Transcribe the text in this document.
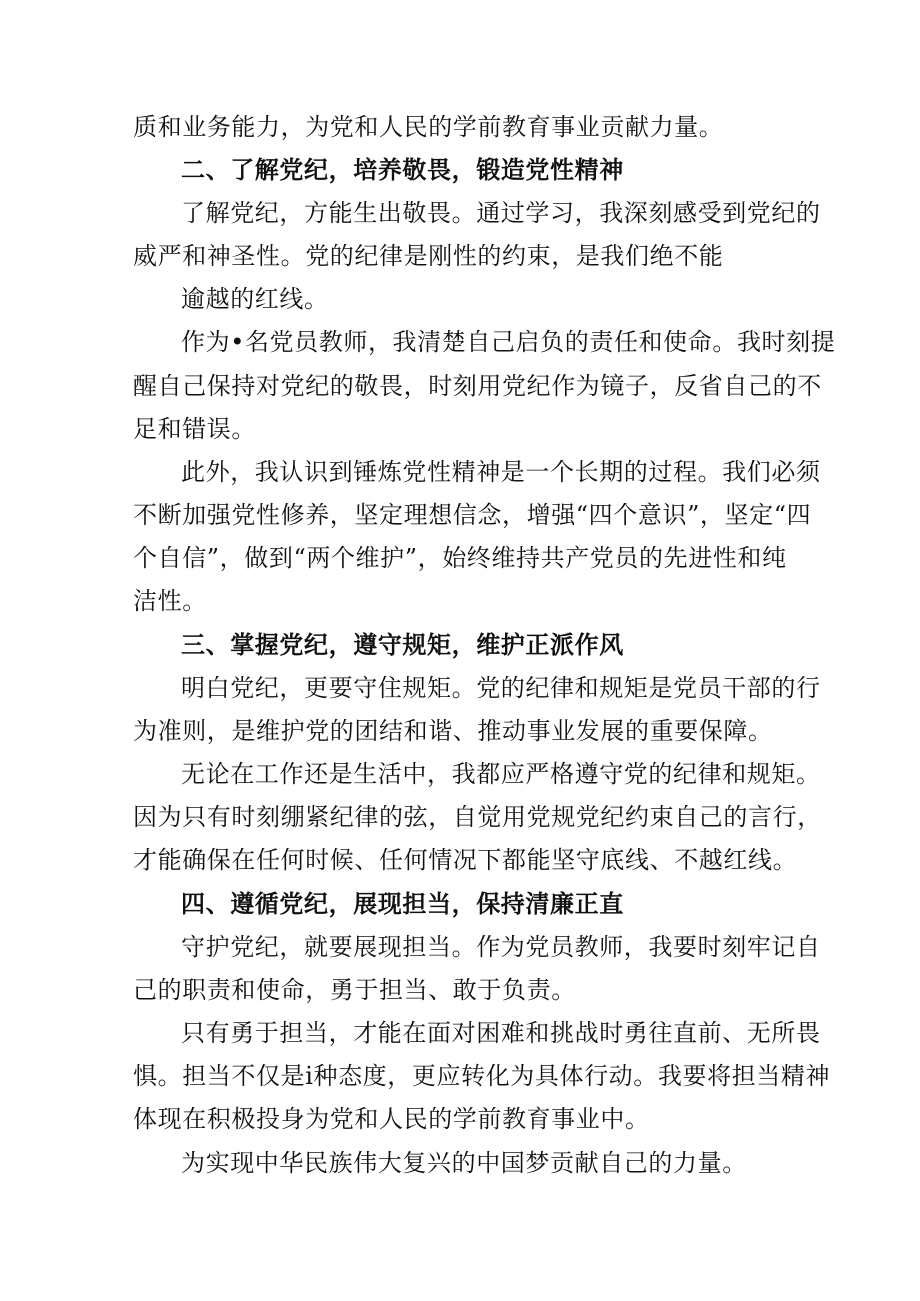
质和业务能力，为党和人民的学前教育事业贡献力量。
二、了解党纪，培养敬畏，锻造党性精神
了解党纪，方能生出敬畏。通过学习，我深刻感受到党纪的
威严和神圣性。党的纪律是刚性的约束，是我们绝不能
逾越的红线。
作为•名党员教师，我清楚自己启负的责任和使命。我时刻提
醒自己保持对党纪的敬畏，时刻用党纪作为镜子，反省自己的不
足和错误。
此外，我认识到锤炼党性精神是一个长期的过程。我们必须
不断加强党性修养，坚定理想信念，增强“四个意识”，坚定“四
个自信”，做到“两个维护”，始终维持共产党员的先进性和纯
洁性。
三、掌握党纪，遵守规矩，维护正派作风
明白党纪，更要守住规矩。党的纪律和规矩是党员干部的行
为准则，是维护党的团结和谐、推动事业发展的重要保障。
无论在工作还是生活中，我都应严格遵守党的纪律和规矩。
因为只有时刻绷紧纪律的弦，自觉用党规党纪约束自己的言行，
才能确保在任何时候、任何情况下都能坚守底线、不越红线。
四、遵循党纪，展现担当，保持清廉正直
守护党纪，就要展现担当。作为党员教师，我要时刻牢记自
己的职责和使命，勇于担当、敢于负责。
只有勇于担当，才能在面对困难和挑战时勇往直前、无所畏
惧。担当不仅是i种态度，更应转化为具体行动。我要将担当精神
体现在积极投身为党和人民的学前教育事业中。
为实现中华民族伟大复兴的中国梦贡献自己的力量。
